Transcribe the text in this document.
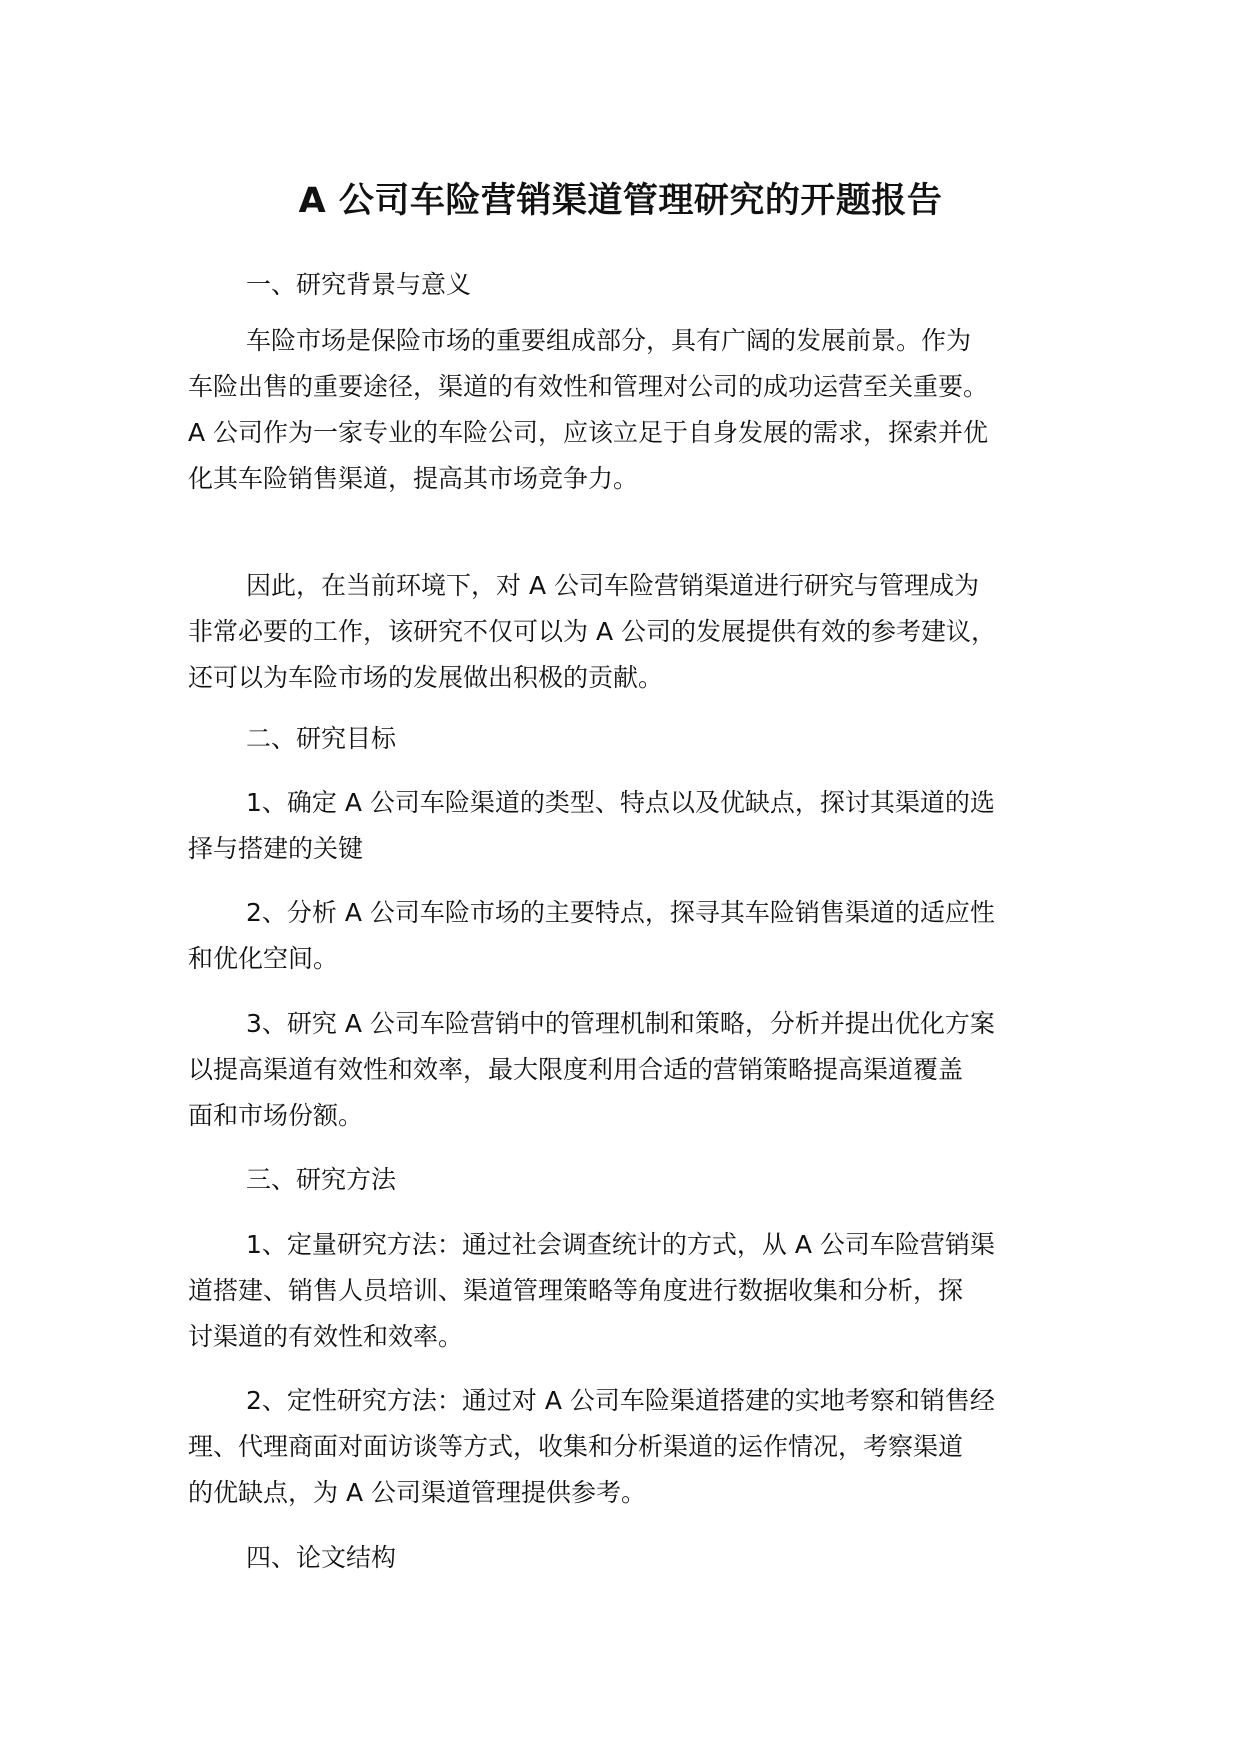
A 公司车险营销渠道管理研究的开题报告
一、研究背景与意义
车险市场是保险市场的重要组成部分，具有广阔的发展前景。作为
车险出售的重要途径，渠道的有效性和管理对公司的成功运营至关重要。
A 公司作为一家专业的车险公司，应该立足于自身发展的需求，探索并优
化其车险销售渠道，提高其市场竞争力。
因此，在当前环境下，对 A 公司车险营销渠道进行研究与管理成为
非常必要的工作，该研究不仅可以为 A 公司的发展提供有效的参考建议，
还可以为车险市场的发展做出积极的贡献。
二、研究目标
1、确定 A 公司车险渠道的类型、特点以及优缺点，探讨其渠道的选
择与搭建的关键
2、分析 A 公司车险市场的主要特点，探寻其车险销售渠道的适应性
和优化空间。
3、研究 A 公司车险营销中的管理机制和策略，分析并提出优化方案
以提高渠道有效性和效率，最大限度利用合适的营销策略提高渠道覆盖
面和市场份额。
三、研究方法
1、定量研究方法：通过社会调查统计的方式，从 A 公司车险营销渠
道搭建、销售人员培训、渠道管理策略等角度进行数据收集和分析，探
讨渠道的有效性和效率。
2、定性研究方法：通过对 A 公司车险渠道搭建的实地考察和销售经
理、代理商面对面访谈等方式，收集和分析渠道的运作情况，考察渠道
的优缺点，为 A 公司渠道管理提供参考。
四、论文结构
